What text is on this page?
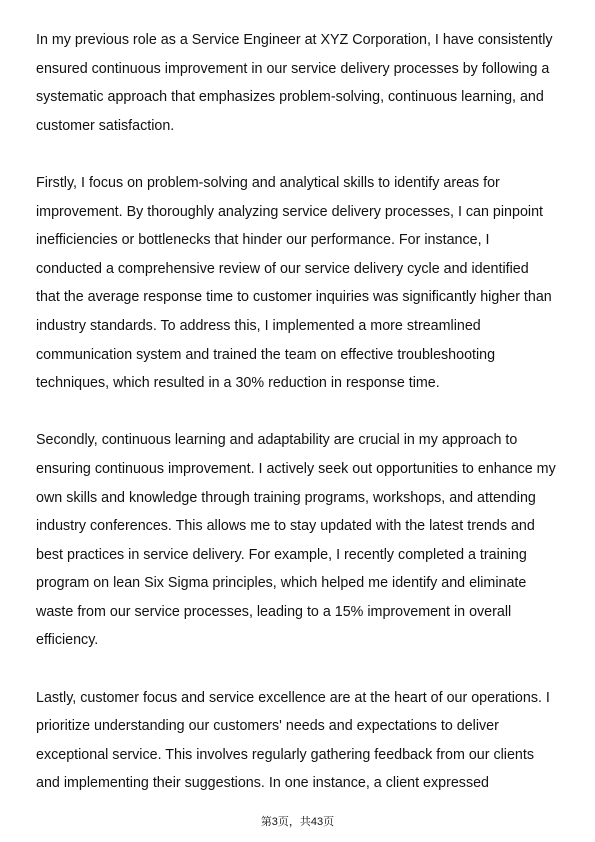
In my previous role as a Service Engineer at XYZ Corporation, I have consistently
ensured continuous improvement in our service delivery processes by following a
systematic approach that emphasizes problem-solving, continuous learning, and
customer satisfaction.

Firstly, I focus on problem-solving and analytical skills to identify areas for
improvement. By thoroughly analyzing service delivery processes, I can pinpoint
inefficiencies or bottlenecks that hinder our performance. For instance, I
conducted a comprehensive review of our service delivery cycle and identified
that the average response time to customer inquiries was significantly higher than
industry standards. To address this, I implemented a more streamlined
communication system and trained the team on effective troubleshooting
techniques, which resulted in a 30% reduction in response time.

Secondly, continuous learning and adaptability are crucial in my approach to
ensuring continuous improvement. I actively seek out opportunities to enhance my
own skills and knowledge through training programs, workshops, and attending
industry conferences. This allows me to stay updated with the latest trends and
best practices in service delivery. For example, I recently completed a training
program on lean Six Sigma principles, which helped me identify and eliminate
waste from our service processes, leading to a 15% improvement in overall
efficiency.

Lastly, customer focus and service excellence are at the heart of our operations. I
prioritize understanding our customers' needs and expectations to deliver
exceptional service. This involves regularly gathering feedback from our clients
and implementing their suggestions. In one instance, a client expressed

第3页，共43页
